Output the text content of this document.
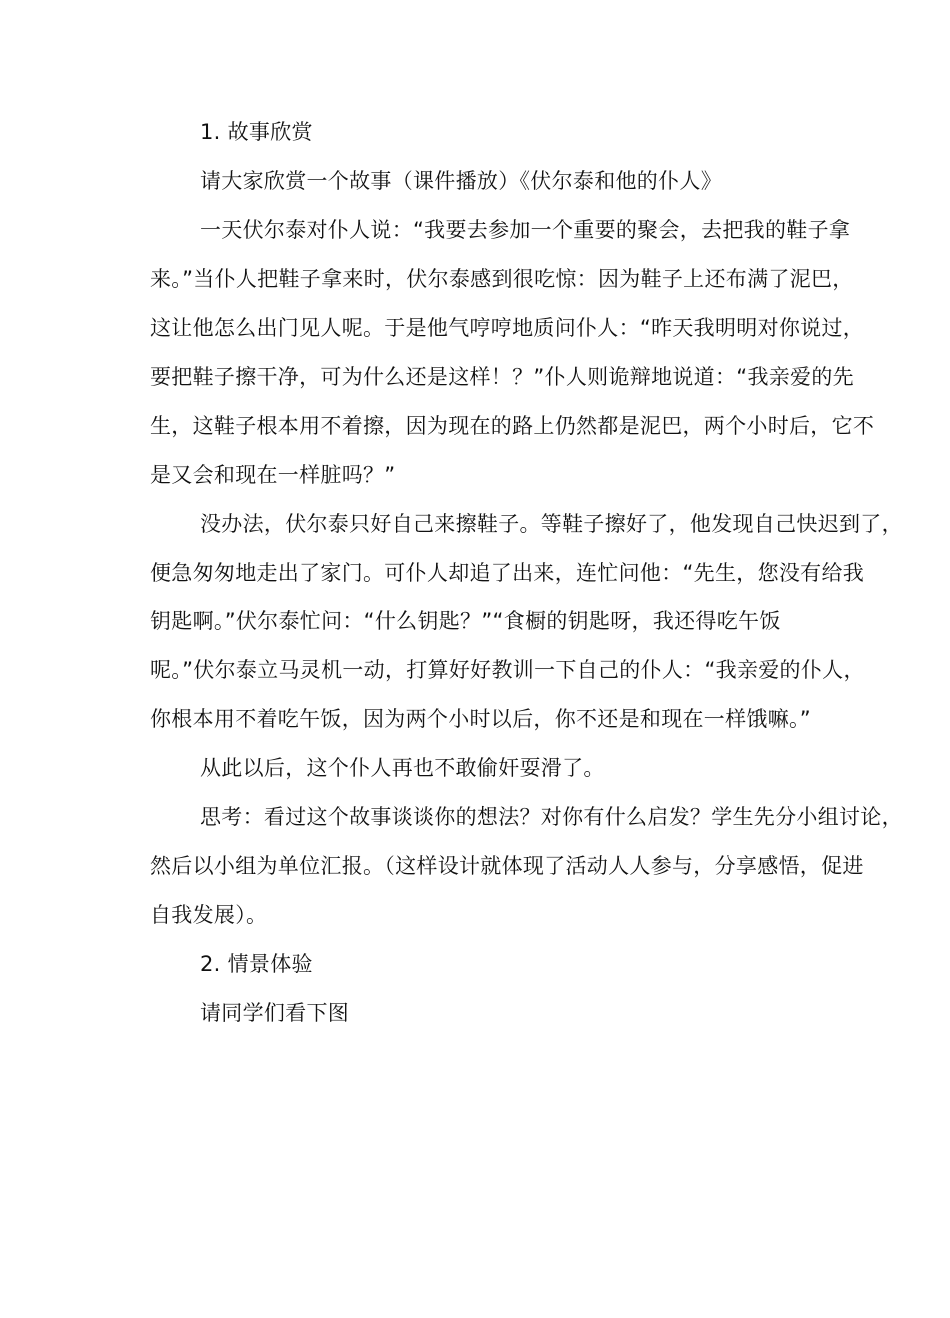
1. 故事欣赏
请大家欣赏一个故事（课件播放）《伏尔泰和他的仆人》
一天伏尔泰对仆人说：“我要去参加一个重要的聚会，去把我的鞋子拿
来。”当仆人把鞋子拿来时，伏尔泰感到很吃惊：因为鞋子上还布满了泥巴，
这让他怎么出门见人呢。于是他气哼哼地质问仆人：“昨天我明明对你说过，
要把鞋子擦干净，可为什么还是这样！？”仆人则诡辩地说道：“我亲爱的先
生，这鞋子根本用不着擦，因为现在的路上仍然都是泥巴，两个小时后，它不
是又会和现在一样脏吗？”
没办法，伏尔泰只好自己来擦鞋子。等鞋子擦好了，他发现自己快迟到了，
便急匆匆地走出了家门。可仆人却追了出来，连忙问他：“先生，您没有给我
钥匙啊。”伏尔泰忙问：“什么钥匙？”“食橱的钥匙呀，我还得吃午饭
呢。”伏尔泰立马灵机一动，打算好好教训一下自己的仆人：“我亲爱的仆人，
你根本用不着吃午饭，因为两个小时以后，你不还是和现在一样饿嘛。”
从此以后，这个仆人再也不敢偷奸耍滑了。
思考：看过这个故事谈谈你的想法？对你有什么启发？学生先分小组讨论，
然后以小组为单位汇报。（这样设计就体现了活动人人参与，分享感悟，促进
自我发展）。
2. 情景体验
请同学们看下图
